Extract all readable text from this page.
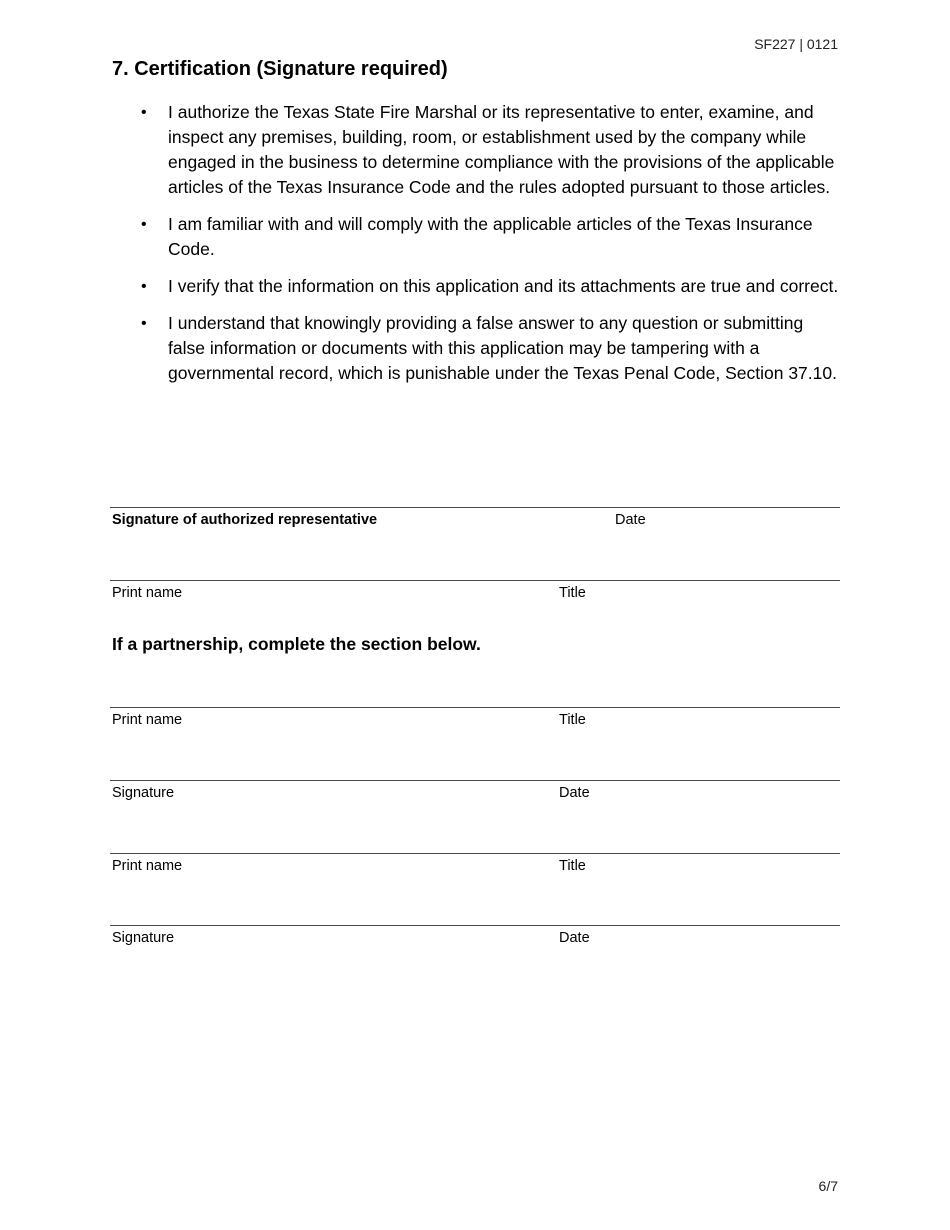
SF227 | 0121
7. Certification (Signature required)
• I authorize the Texas State Fire Marshal or its representative to enter, examine, and inspect any premises, building, room, or establishment used by the company while engaged in the business to determine compliance with the provisions of the applicable articles of the Texas Insurance Code and the rules adopted pursuant to those articles.
• I am familiar with and will comply with the applicable articles of the Texas Insurance Code.
• I verify that the information on this application and its attachments are true and correct.
• I understand that knowingly providing a false answer to any question or submitting false information or documents with this application may be tampering with a governmental record, which is punishable under the Texas Penal Code, Section 37.10.
Signature of authorized representative	Date
Print name	Title
If a partnership, complete the section below.
Print name	Title
Signature	Date
Print name	Title
Signature	Date
6/7
